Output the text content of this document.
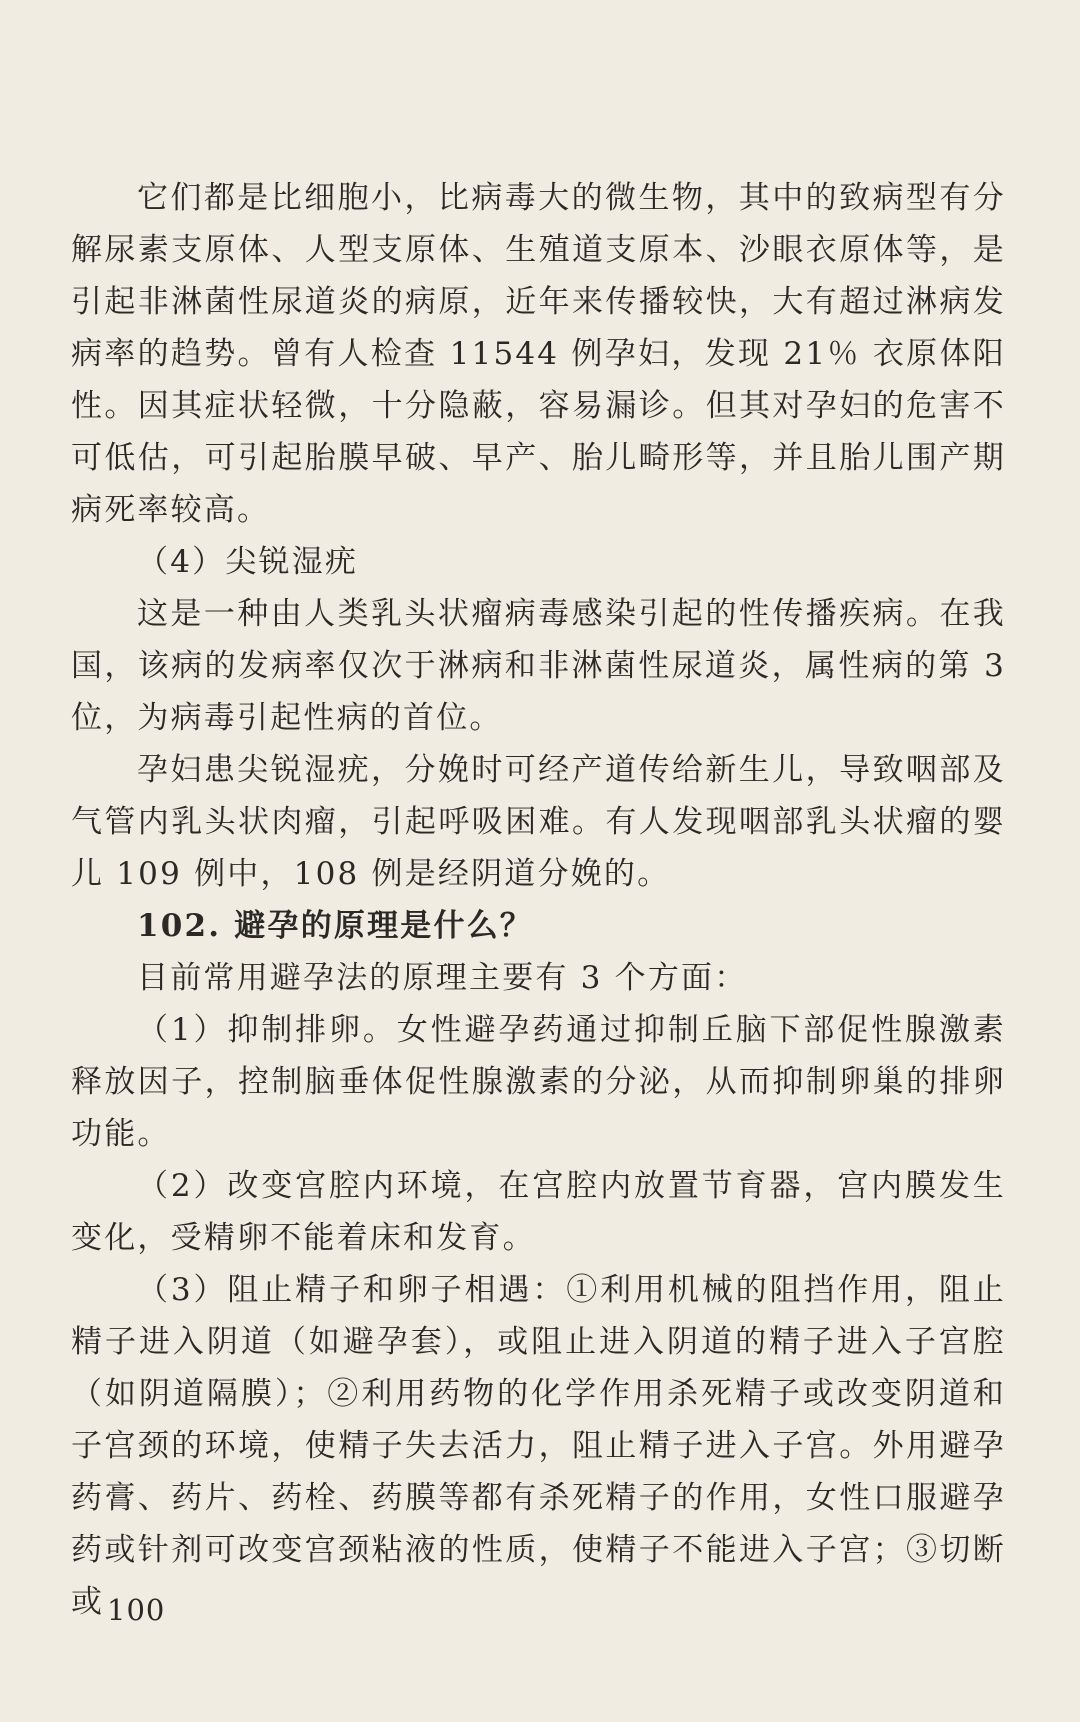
它们都是比细胞小，比病毒大的微生物，其中的致病型有分解尿素支原体、人型支原体、生殖道支原本、沙眼衣原体等，是引起非淋菌性尿道炎的病原，近年来传播较快，大有超过淋病发病率的趋势。曾有人检查 11544 例孕妇，发现 21％ 衣原体阳性。因其症状轻微，十分隐蔽，容易漏诊。但其对孕妇的危害不可低估，可引起胎膜早破、早产、胎儿畸形等，并且胎儿围产期病死率较高。

（4）尖锐湿疣

这是一种由人类乳头状瘤病毒感染引起的性传播疾病。在我国，该病的发病率仅次于淋病和非淋菌性尿道炎，属性病的第 3 位，为病毒引起性病的首位。

孕妇患尖锐湿疣，分娩时可经产道传给新生儿，导致咽部及气管内乳头状肉瘤，引起呼吸困难。有人发现咽部乳头状瘤的婴儿 109 例中，108 例是经阴道分娩的。

102. 避孕的原理是什么？

目前常用避孕法的原理主要有 3 个方面：

（1）抑制排卵。女性避孕药通过抑制丘脑下部促性腺激素释放因子，控制脑垂体促性腺激素的分泌，从而抑制卵巢的排卵功能。

（2）改变宫腔内环境，在宫腔内放置节育器，宫内膜发生变化，受精卵不能着床和发育。

（3）阻止精子和卵子相遇：①利用机械的阻挡作用，阻止精子进入阴道（如避孕套），或阻止进入阴道的精子进入子宫腔（如阴道隔膜）；②利用药物的化学作用杀死精子或改变阴道和子宫颈的环境，使精子失去活力，阻止精子进入子宫。外用避孕药膏、药片、药栓、药膜等都有杀死精子的作用，女性口服避孕药或针剂可改变宫颈粘液的性质，使精子不能进入子宫；③切断或 100
